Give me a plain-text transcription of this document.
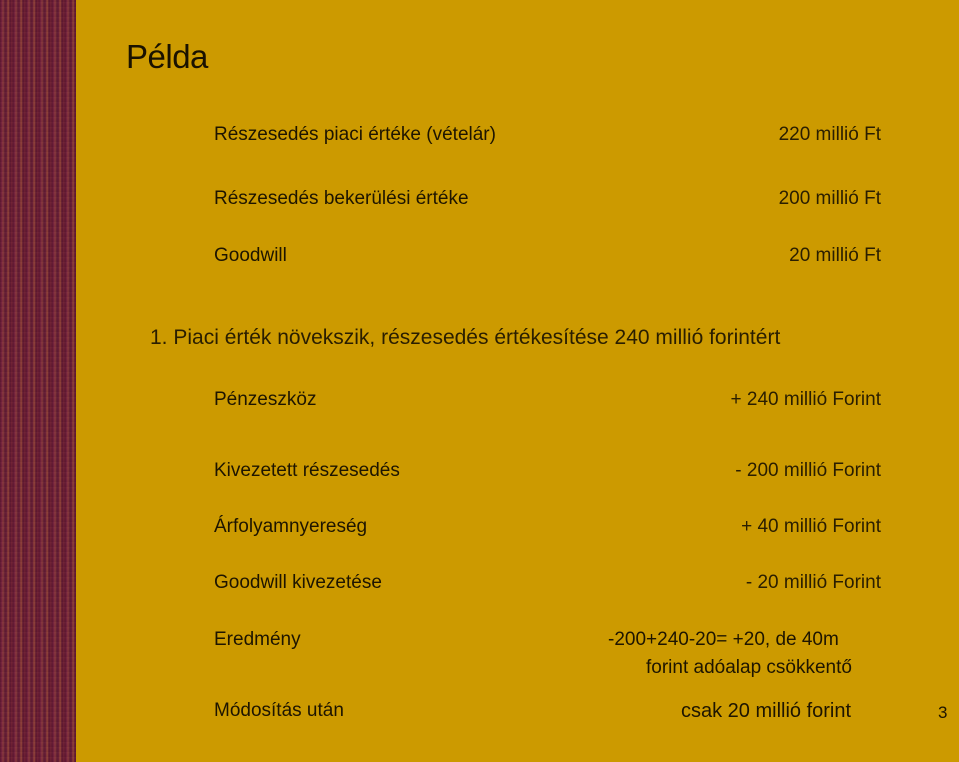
Példa
Részesedés piaci értéke (vételár)	220 millió Ft
Részesedés bekerülési értéke	200 millió Ft
Goodwill	20 millió Ft
1. Piaci érték növekszik, részesedés értékesítése 240 millió forintért
Pénzeszköz	+ 240 millió Forint
Kivezetett részesedés	- 200 millió Forint
Árfolyamnyereség	+ 40 millió Forint
Goodwill kivezetése	- 20 millió Forint
Eredmény	-200+240-20= +20, de 40m
forint adóalap csökkentő
Módosítás után	csak 20 millió forint	3
